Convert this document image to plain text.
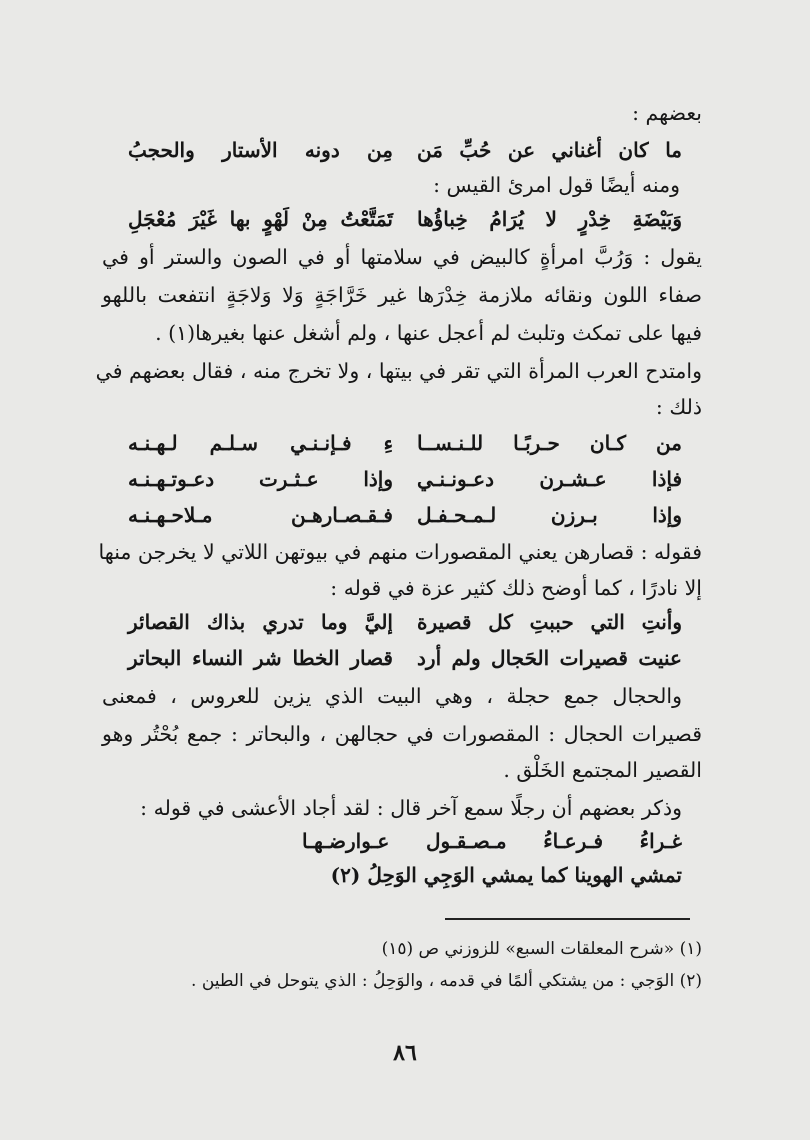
بعضهم :
ما كان أغناني عن حُبِّ مَن
مِن دونه الأستار والحجبُ
ومنه أيضًا قول امرئ القيس :
وَبَيْضَةِ خِدْرٍ لا يُرَامُ خِباؤُها
تَمَتَّعْتُ مِنْ لَهْوٍ بها غَيْرَ مُعْجَلِ
يقول : وَرُبَّ امرأةٍ كالبيض في سلامتها أو في الصون والستر أو في
صفاء اللون ونقائه ملازمة خِدْرَها غير خَرَّاجَةٍ وَلا وَلاجَةٍ انتفعت باللهو
فيها على تمكث وتلبث لم أعجل عنها ، ولم أشغل عنها بغيرها(١) .
وامتدح العرب المرأة التي تقر في بيتها ، ولا تخرج منه ، فقال بعضهم في
ذلك :
من كـان حـربًـا للـنـســا
ءِ فـإنـنـي سـلـم لـهـنـه
فإذا عـشـرن دعـونـنـي
وإذا عـثـرت دعـوتـهـنـه
وإذا بـرزن لـمـحـفـل
فـقـصـارهـن مـلاحـهـنـه
فقوله : قصارهن يعني المقصورات منهم في بيوتهن اللاتي لا يخرجن منها
إلا نادرًا ، كما أوضح ذلك كثير عزة في قوله :
وأنتِ التي حببتِ كل قصيرة
إليَّ وما تدري بذاك القصائر
عنيت قصيرات الحَجال ولم أرد
قصار الخطا شر النساء البحاتر
والحجال جمع حجلة ، وهي البيت الذي يزين للعروس ، فمعنى
قصيرات الحجال : المقصورات في حجالهن ، والبحاتر : جمع بُحْتُر وهو
القصير المجتمع الخَلْق .
وذكر بعضهم أن رجلًا سمع آخر قال : لقد أجاد الأعشى في قوله :
غـراءُ فـرعـاءُ مـصـقـول عـوارضـهـا
تمشي الهوينا كما يمشي الوَجِي الوَحِلُ (٢)
(١) «شرح المعلقات السبع» للزوزني ص (١٥)
(٢) الوَجي : من يشتكي ألمًا في قدمه ، والوَحِلُ : الذي يتوحل في الطين .
٨٦
